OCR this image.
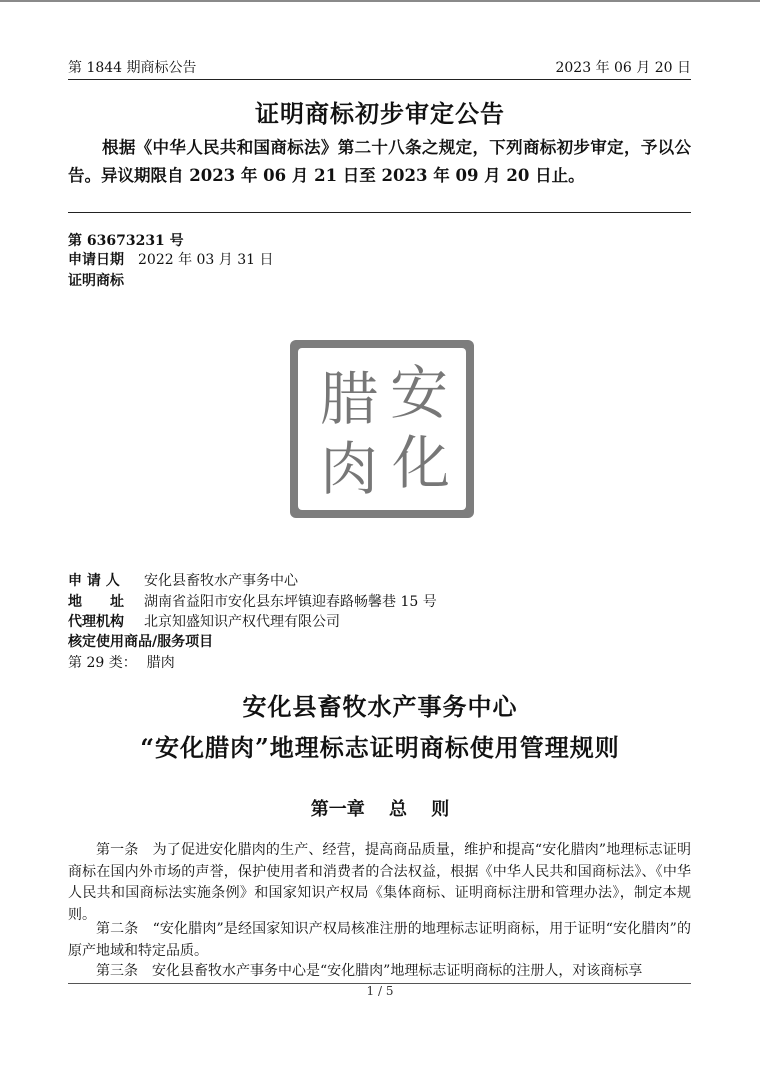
第 1844 期商标公告	2023 年 06 月 20 日
证明商标初步审定公告
根据《中华人民共和国商标法》第二十八条之规定，下列商标初步审定，予以公告。异议期限自 2023 年 06 月 21 日至 2023 年 09 月 20 日止。
第 63673231 号
申请日期 2022 年 03 月 31 日
证明商标
腊 安
肉 化
申 请 人 安化县畜牧水产事务中心
地　　址 湖南省益阳市安化县东坪镇迎春路畅馨巷 15 号
代理机构 北京知盛知识产权代理有限公司
核定使用商品/服务项目
第 29 类： 腊肉
安化县畜牧水产事务中心
“安化腊肉”地理标志证明商标使用管理规则
第一章　 总　 则
第一条　为了促进安化腊肉的生产、经营，提高商品质量，维护和提高“安化腊肉”地理标志证明商标在国内外市场的声誉，保护使用者和消费者的合法权益，根据《中华人民共和国商标法》、《中华人民共和国商标法实施条例》和国家知识产权局《集体商标、证明商标注册和管理办法》，制定本规则。
第二条　“安化腊肉”是经国家知识产权局核准注册的地理标志证明商标，用于证明“安化腊肉”的原产地域和特定品质。
第三条　安化县畜牧水产事务中心是“安化腊肉”地理标志证明商标的注册人，对该商标享
1 / 5
